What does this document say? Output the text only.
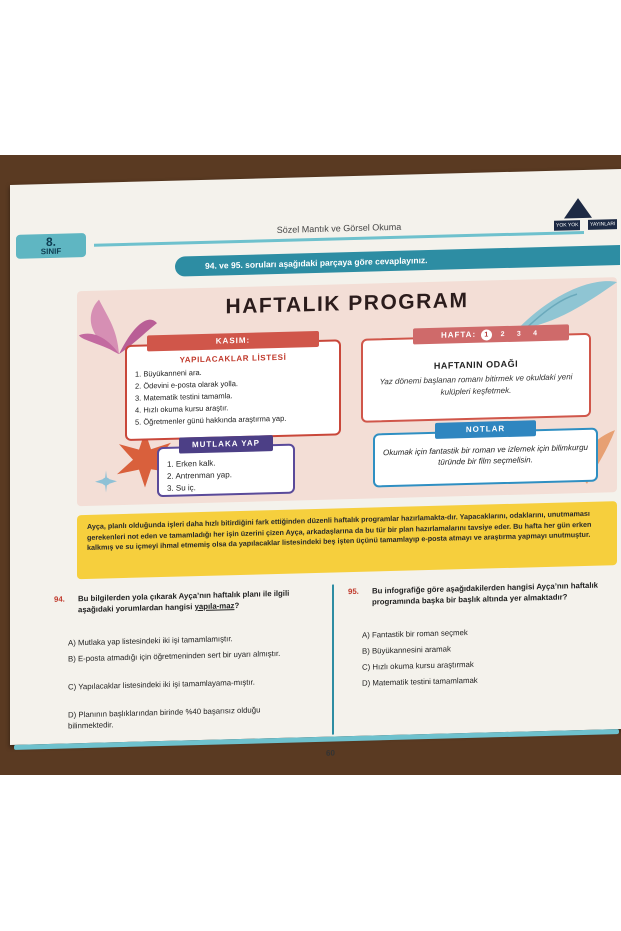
8.
SINIF
Sözel Mantık ve Görsel Okuma	YOK YOK	YAYINLARI
94. ve 95. soruları aşağıdaki parçaya göre cevaplayınız.
HAFTALIK PROGRAM
KASIM:
YAPILACAKLAR LİSTESİ
1. Büyükanneni ara.
2. Ödevini e-posta olarak yolla.
3. Matematik testini tamamla.
4. Hızlı okuma kursu araştır.
5. Öğretmenler günü hakkında araştırma yap.
HAFTA: 1 2 3 4
HAFTANIN ODAĞI
Yaz dönemi başlanan romanı bitirmek ve okuldaki yeni kulüpleri keşfetmek.
MUTLAKA YAP
1. Erken kalk.
2. Antrenman yap.
3. Su iç.
NOTLAR
Okumak için fantastik bir roman ve izlemek için bilimkurgu türünde bir film seçmelisin.
Ayça, planlı olduğunda işleri daha hızlı bitirdiğini fark ettiğinden düzenli haftalık programlar hazırlamakta-dır. Yapacaklarını, odaklarını, unutmaması gerekenleri not eden ve tamamladığı her işin üzerini çizen Ayça, arkadaşlarına da bu tür bir plan hazırlamalarını tavsiye eder. Bu hafta her gün erken kalkmış ve su içmeyi ihmal etmemiş olsa da yapılacaklar listesindeki beş işten üçünü tamamlayıp e-posta atmayı ve araştırma yapmayı unutmuştur.
94. Bu bilgilerden yola çıkarak Ayça’nın haftalık planı ile ilgili aşağıdaki yorumlardan hangisi yapıla-maz?
A) Mutlaka yap listesindeki iki işi tamamlamıştır.
B) E-posta atmadığı için öğretmeninden sert bir uyarı almıştır.
C) Yapılacaklar listesindeki iki işi tamamlayama-mıştır.
D) Planının başlıklarından birinde %40 başarısız olduğu bilinmektedir.
95. Bu infografiğe göre aşağıdakilerden hangisi Ayça’nın haftalık programında başka bir başlık altında yer almaktadır?
A) Fantastik bir roman seçmek
B) Büyükannesini aramak
C) Hızlı okuma kursu araştırmak
D) Matematik testini tamamlamak
60
